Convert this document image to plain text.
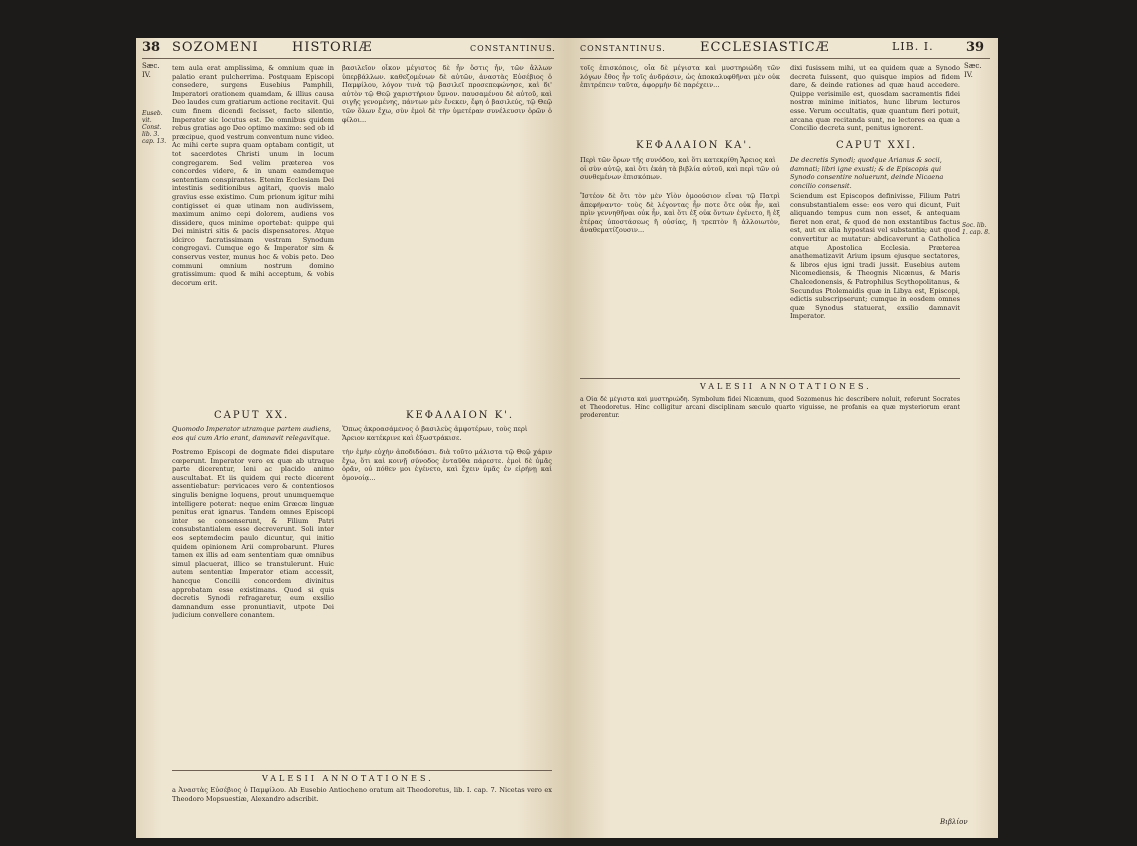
38 SOZOMENI	HISTORIÆ	CONSTANTINUS.
Sæc. IV.
Euseb. vit. Const. lib. 3. cap. 13.

tem aula erat amplissima, & omnium quæ in palatio erant pulcherrima. Postquam Episcopi consedere, surgens Eusebius Pamphili, Imperatori orationem quamdam, & illius causa Deo laudes cum gratiarum actione recitavit. Qui cum finem dicendi fecisset, facto silentio, Imperator sic locutus est. De omnibus quidem rebus gratias ago Deo optimo maximo: sed ob id præcipue, quod vestrum conventum nunc video. Ac mihi certe supra quam optabam contigit, ut tot sacerdotes Christi unum in locum congregarem. Sed velim præterea vos concordes videre, & in unam eamdemque sententiam conspirantes. Etenim Ecclesiam Dei intestinis seditionibus agitari, quovis malo gravius esse existimo. Cum prionum igitur mihi contigisset ei quæ utinam non audivissem, maximum animo cepi dolorem, audiens vos dissidere, quos minime oportebat: quippe qui Dei ministri sitis & pacis dispensatores. Atque idcirco facratissimam vestram Synodum congregavi. Cumque ego & Imperator sim & conservus vester, munus hoc & vobis peto. Deo communi omnium nostrum domino gratissimum: quod & mihi acceptum, & vobis decorum erit.

βασιλεῖον οἶκον μέγιστος δὲ ἦν ὅστις ἦν, τῶν ἄλλων ὑπερβάλλων. καθεζομένων δὲ αὐτῶν, ἀναστὰς Εὐσέβιος ὁ Παμφίλου, λόγον τινὰ τῷ βασιλεῖ προσεπεφώνησε, καὶ δι' αὐτὸν τῷ Θεῷ χαριστήριον ὕμνον. παυσαμένου δὲ αὐτοῦ, καὶ σιγῆς γενομένης, πάντων μὲν ἕνεκεν, ἔφη ὁ βασιλεύς, τῷ Θεῷ τῶν ὅλων ἔχω, σὺν ἐμοὶ δὲ τὴν ὑμετέραν συνέλευσιν ὁρῶν ὁ φίλοι...

CAPUT XX.
Quomodo Imperator utramque partem audiens, eos qui cum Ario erant, damnavit relegavitque.
ΚΕΦΑΛΑΙΟΝ Κ'.
Ὅπως ἀκροασάμενος ὁ βασιλεὺς ἀμφοτέρων, τοὺς περὶ Ἄρειον κατέκρινε καὶ ἐξωστράκισε.

Postremo Episcopi de dogmate fidei disputare cœperunt. Imperator vero ex quæ ab utraque parte dicerentur, leni ac placido animo auscultabat. Et iis quidem qui recte dicerent assentiebatur: pervicaces vero & contentiosos singulis benigne loquens, prout unumquemque intelligere poterat: neque enim Græcæ linguæ penitus erat ignarus. Tandem omnes Episcopi inter se consenserunt, & Filium Patri consubstantialem esse decreverunt. Soli inter eos septemdecim paulo dicuntur, qui initio quidem opinionem Arii comprobarunt. Plures tamen ex illis ad eam sententiam quæ omnibus simul placuerat, illico se transtulerunt. Huic autem sententiæ Imperator etiam accessit, hancque Concilii concordem divinitus approbatam esse existimans. Quod si quis decretis Synodi refragaretur, eum exsilio damnandum esse pronuntiavit, utpote Dei judicium convellere conantem.

τὴν ἐμὴν εὐχὴν ἀποδιδόασι. διὰ τοῦτο μάλιστα τῷ Θεῷ χάριν ἔχω, ὅτι καὶ κοινῇ σύνοδος ἐνταῦθα πάρεστε. ἐμοὶ δὲ ὑμᾶς ὁρᾶν, οὐ πόθεν μοι ἐγένετο, καὶ ἔχειν ὑμᾶς ἐν εἰρήνῃ καὶ ὁμονοίᾳ...

VALESII ANNOTATIONES.

a Ἀναστὰς Εὐσέβιος ὁ Παμφίλου. Ab Eusebio Antiocheno oratum ait Theodoretus, lib. I. cap. 7. Nicetas vero ex Theodoro Mopsuestiæ, Alexandro adscribit.

CONSTANTINUS.	ECCLESIASTICÆ	LIB. I. 39
Sæc. IV.

τοῖς ἐπισκόποις, οἷα δὲ μέγιστα καὶ μυστηριώδη τῶν λόγων ἔθος ἦν τοῖς ἀνδράσιν, ὡς ἀποκαλυφθῆναι μὲν οὐκ ἐπιτρέπειν ταῦτα, ἀφορμὴν δὲ παρέχειν...

dixi fusissem mihi, ut ea quidem quæ a Synodo decreta fuissent, quo quisque impios ad fidem dare, & deinde rationes ad quæ haud accedere. Quippe verisimile est, quosdam sacramentis fidei nostræ minime initiatos, hunc librum lecturos esse. Verum occultatis, quæ quantum fieri potuit, arcana quæ recitanda sunt, ne lectores ea quæ a Concilio decreta sunt, penitus ignorent.

ΚΕΦΑΛΑΙΟΝ ΚΑ'.
Περὶ τῶν ὅρων τῆς συνόδου, καὶ ὅτι κατεκρίθη Ἄρειος καὶ οἱ σὺν αὐτῷ, καὶ ὅτι ἐκάη τὰ βιβλία αὐτοῦ, καὶ περὶ τῶν οὐ συνθεμένων ἐπισκόπων.
CAPUT XXI.
De decretis Synodi; quodque Arianus & socii, damnati; libri igne exusti; & de Episcopis qui Synodo consentire noluerunt, deinde Nicaena concilio consensit.

Ἴστέον δὲ ὅτι τὸν μὲν Υἱὸν ὁμοούσιον εἶναι τῷ Πατρὶ ἀπεφήναντο· τοὺς δὲ λέγοντας ἦν ποτε ὅτε οὐκ ἦν, καὶ πρὶν γεννηθῆναι οὐκ ἦν, καὶ ὅτι ἐξ οὐκ ὄντων ἐγένετο, ἢ ἐξ ἑτέρας ὑποστάσεως ἢ οὐσίας, ἢ τρεπτὸν ἢ ἀλλοιωτὸν, ἀναθεματίζουσιν...

Sciendum est Episcopos definivisse, Filium Patri consubstantialem esse: eos vero qui dicunt, Fuit aliquando tempus cum non esset, & antequam fieret non erat, & quod de non exstantibus factus est, aut ex alia hypostasi vel substantia; aut quod convertitur ac mutatur: abdicaverunt a Catholica atque Apostolica Ecclesia. Præterea anathematizavit Arium ipsum ejusque sectatores, & libros ejus igni tradi jussit. Eusebius autem Nicomediensis, & Theognis Nicænus, & Maris Chalcedonensis, & Patrophilus Scythopolitanus, & Secundus Ptolemaidis quæ in Libya est, Episcopi, edictis subscripserunt; cumque in eosdem omnes quæ Synodus statuerat, exsilio damnavit Imperator.

Soc. lib. 1. cap. 8.
VALESII ANNOTATIONES.

a Οἷα δὲ μέγιστα καὶ μυστηριώδη. Symbolum fidei Nicænum, quod Sozomenus hic describere noluit, referunt Socrates et Theodoretus. Hinc colligitur arcani disciplinam sæculo quarto viguisse, ne profanis ea quæ mysteriorum erant proderentur.

Βιβλίον
